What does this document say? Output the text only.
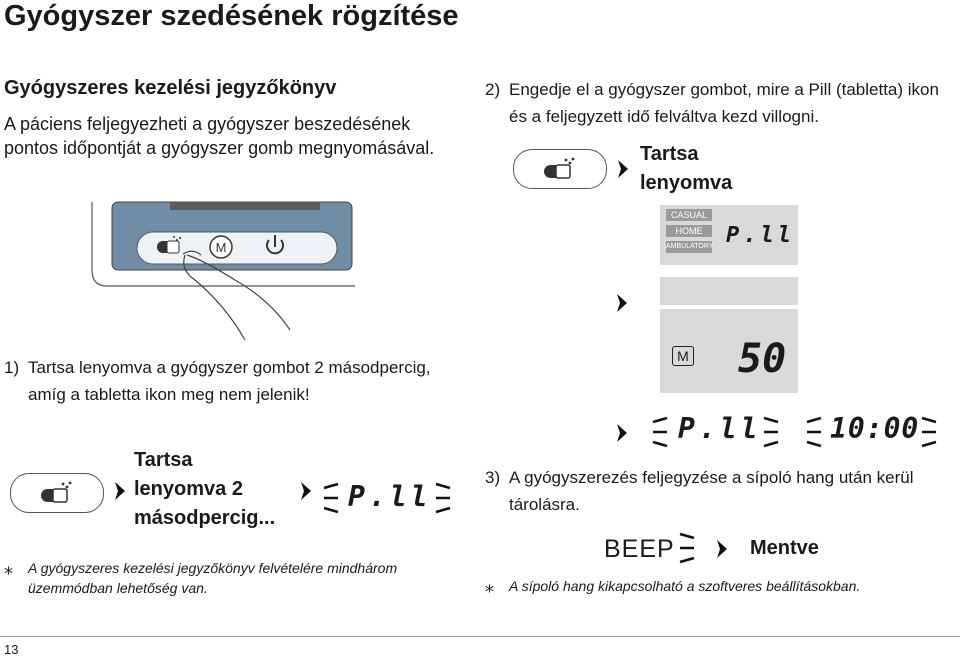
Gyógyszer szedésének rögzítése
Gyógyszeres kezelési jegyzőkönyv
A páciens feljegyezheti a gyógyszer beszedésének pontos időpontját a gyógyszer gomb megnyomásával.
M
1) Tartsa lenyomva a gyógyszer gombot 2 másodpercig, amíg a tabletta ikon meg nem jelenik!
Tartsa
lenyomva 2
másodpercig...
P.ll
⁎	A gyógyszeres kezelési jegyzőkönyv felvételére mindhárom üzemmódban lehetőség van.
2) Engedje el a gyógyszer gombot, mire a Pill (tabletta) ikon és a feljegyzett idő felváltva kezd villogni.
Tartsa
lenyomva
CASUAL
HOME
AMBULATORY P.ll
M 50
P.ll 10:00
3) A gyógyszerezés feljegyzése a sípoló hang után kerül tárolásra.
BEEP	Mentve
⁎	A sípoló hang kikapcsolható a szoftveres beállításokban.
13
